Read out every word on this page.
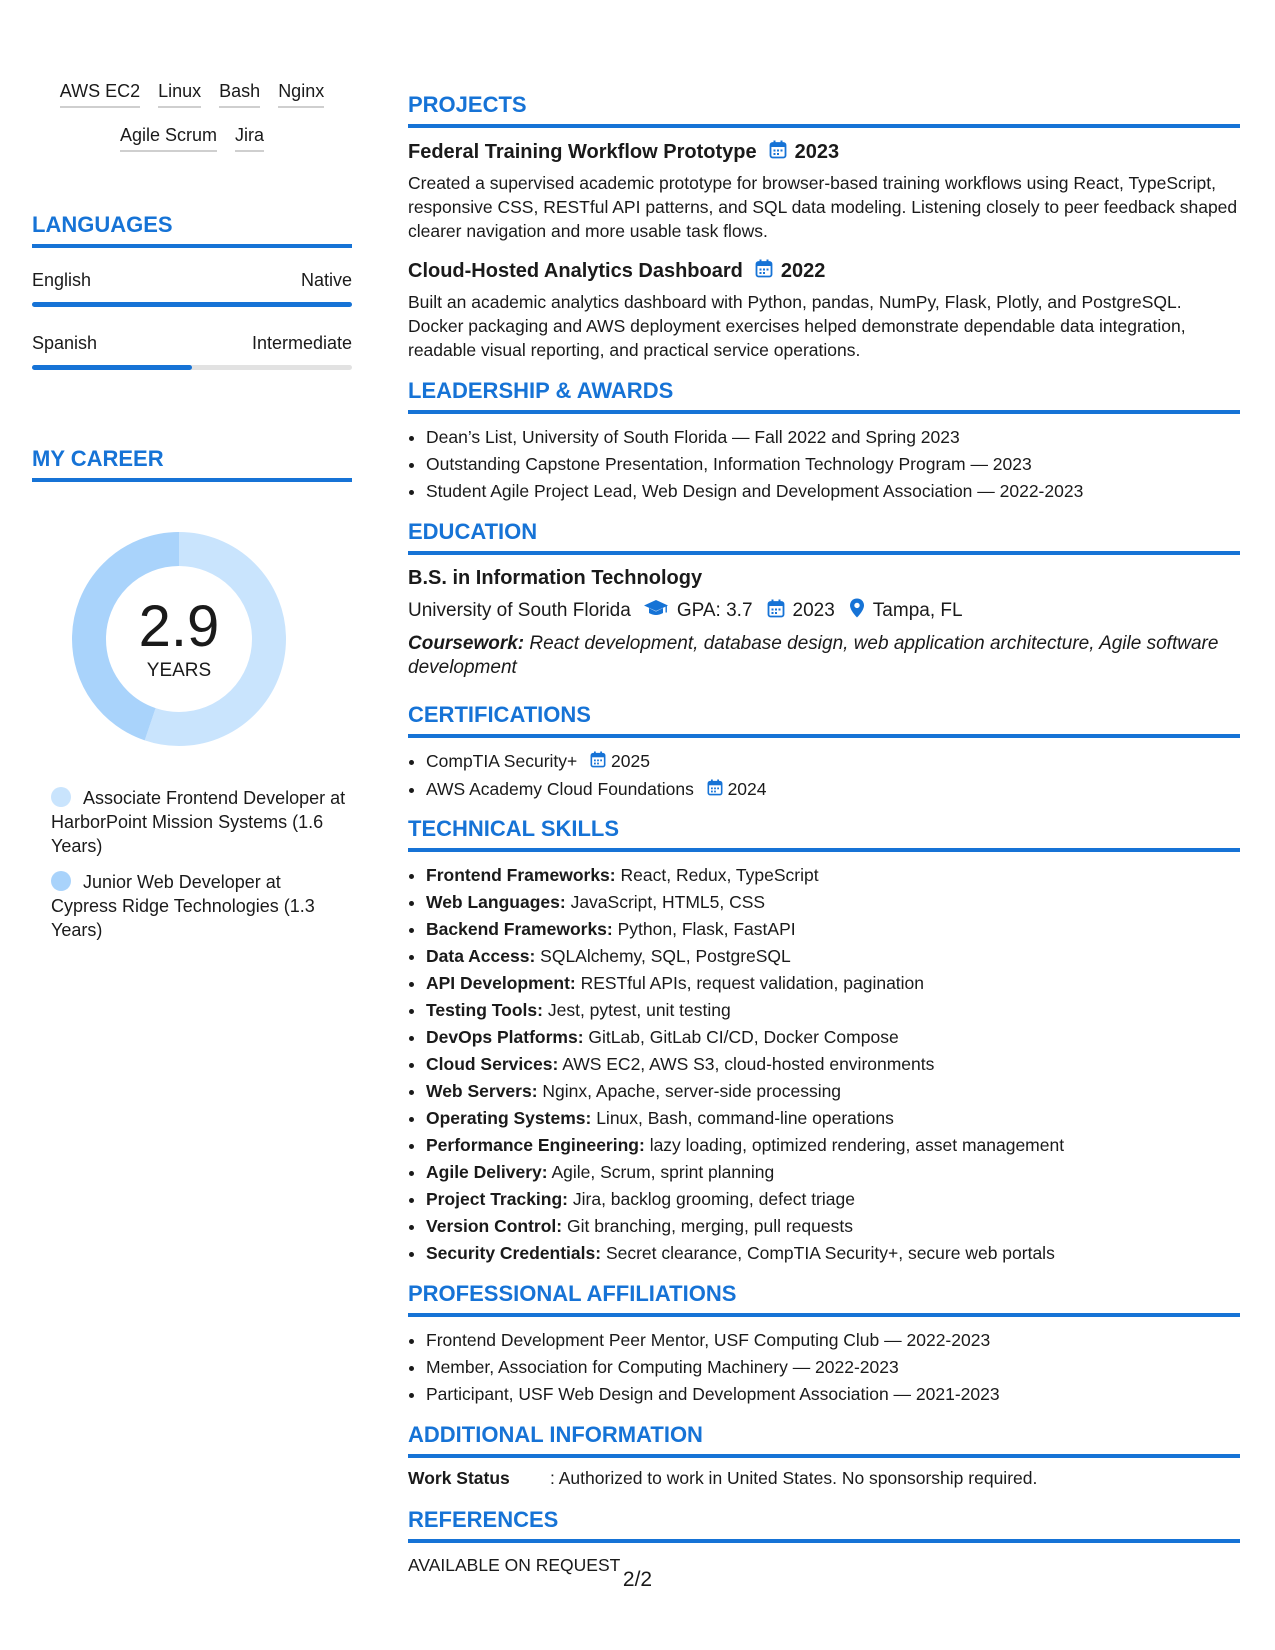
AWS EC2 Linux Bash Nginx
Agile Scrum Jira
LANGUAGES
English	Native
Spanish	Intermediate
MY CAREER
2.9
YEARS
Associate Frontend Developer at HarborPoint Mission Systems (1.6 Years)
Junior Web Developer at Cypress Ridge Technologies (1.3 Years)
PROJECTS
Federal Training Workflow Prototype 2023
Created a supervised academic prototype for browser-based training workflows using React, TypeScript, responsive CSS, RESTful API patterns, and SQL data modeling. Listening closely to peer feedback shaped clearer navigation and more usable task flows.
Cloud-Hosted Analytics Dashboard 2022
Built an academic analytics dashboard with Python, pandas, NumPy, Flask, Plotly, and PostgreSQL. Docker packaging and AWS deployment exercises helped demonstrate dependable data integration, readable visual reporting, and practical service operations.
LEADERSHIP & AWARDS
• Dean’s List, University of South Florida — Fall 2022 and Spring 2023
• Outstanding Capstone Presentation, Information Technology Program — 2023
• Student Agile Project Lead, Web Design and Development Association — 2022-2023
EDUCATION
B.S. in Information Technology
University of South Florida GPA: 3.7 2023 Tampa, FL
Coursework: React development, database design, web application architecture, Agile software development
CERTIFICATIONS
• CompTIA Security+ 2025
• AWS Academy Cloud Foundations 2024
TECHNICAL SKILLS
• Frontend Frameworks: React, Redux, TypeScript
• Web Languages: JavaScript, HTML5, CSS
• Backend Frameworks: Python, Flask, FastAPI
• Data Access: SQLAlchemy, SQL, PostgreSQL
• API Development: RESTful APIs, request validation, pagination
• Testing Tools: Jest, pytest, unit testing
• DevOps Platforms: GitLab, GitLab CI/CD, Docker Compose
• Cloud Services: AWS EC2, AWS S3, cloud-hosted environments
• Web Servers: Nginx, Apache, server-side processing
• Operating Systems: Linux, Bash, command-line operations
• Performance Engineering: lazy loading, optimized rendering, asset management
• Agile Delivery: Agile, Scrum, sprint planning
• Project Tracking: Jira, backlog grooming, defect triage
• Version Control: Git branching, merging, pull requests
• Security Credentials: Secret clearance, CompTIA Security+, secure web portals
PROFESSIONAL AFFILIATIONS
• Frontend Development Peer Mentor, USF Computing Club — 2022-2023
• Member, Association for Computing Machinery — 2022-2023
• Participant, USF Web Design and Development Association — 2021-2023
ADDITIONAL INFORMATION
Work Status	: Authorized to work in United States. No sponsorship required.
REFERENCES
AVAILABLE ON REQUEST
2/2
